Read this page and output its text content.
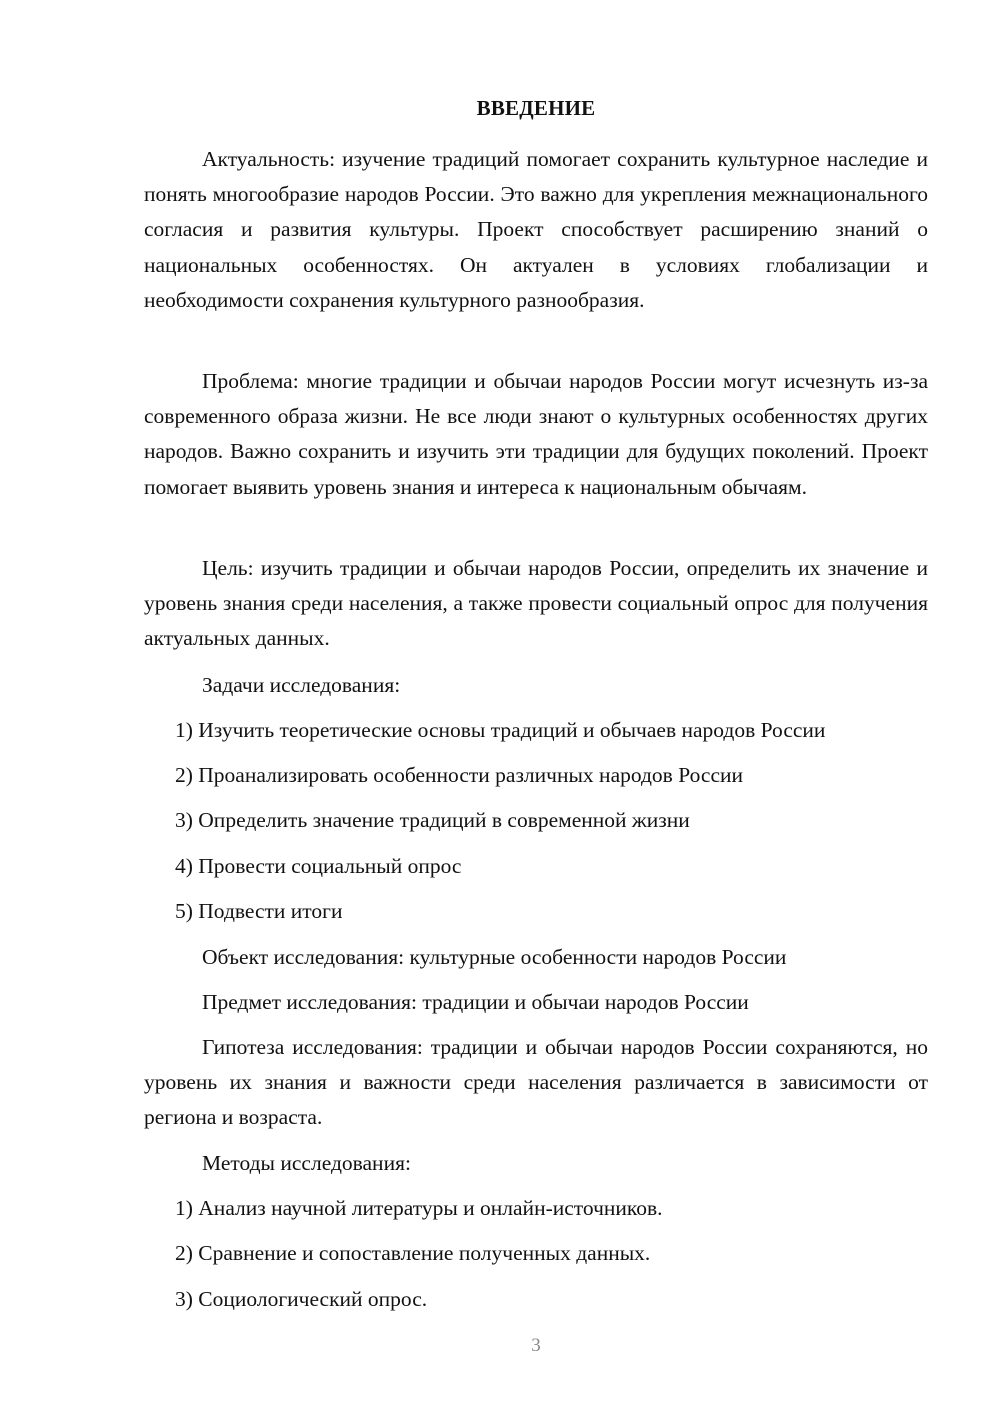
ВВЕДЕНИЕ

Актуальность: изучение традиций помогает сохранить культурное наследие и понять многообразие народов России. Это важно для укрепления межнационального согласия и развития культуры. Проект способствует расширению знаний о национальных особенностях. Он актуален в условиях глобализации и необходимости сохранения культурного разнообразия.

Проблема: многие традиции и обычаи народов России могут исчезнуть из-за современного образа жизни. Не все люди знают о культурных особенностях других народов. Важно сохранить и изучить эти традиции для будущих поколений. Проект помогает выявить уровень знания и интереса к национальным обычаям.

Цель: изучить традиции и обычаи народов России, определить их значение и уровень знания среди населения, а также провести социальный опрос для получения актуальных данных.

Задачи исследования:
1) Изучить теоретические основы традиций и обычаев народов России
2) Проанализировать особенности различных народов России
3) Определить значение традиций в современной жизни
4) Провести социальный опрос
5) Подвести итоги
Объект исследования: культурные особенности народов России
Предмет исследования: традиции и обычаи народов России

Гипотеза исследования: традиции и обычаи народов России сохраняются, но уровень их знания и важности среди населения различается в зависимости от региона и возраста.

Методы исследования:
1) Анализ научной литературы и онлайн-источников.
2) Сравнение и сопоставление полученных данных.
3) Социологический опрос.
3
